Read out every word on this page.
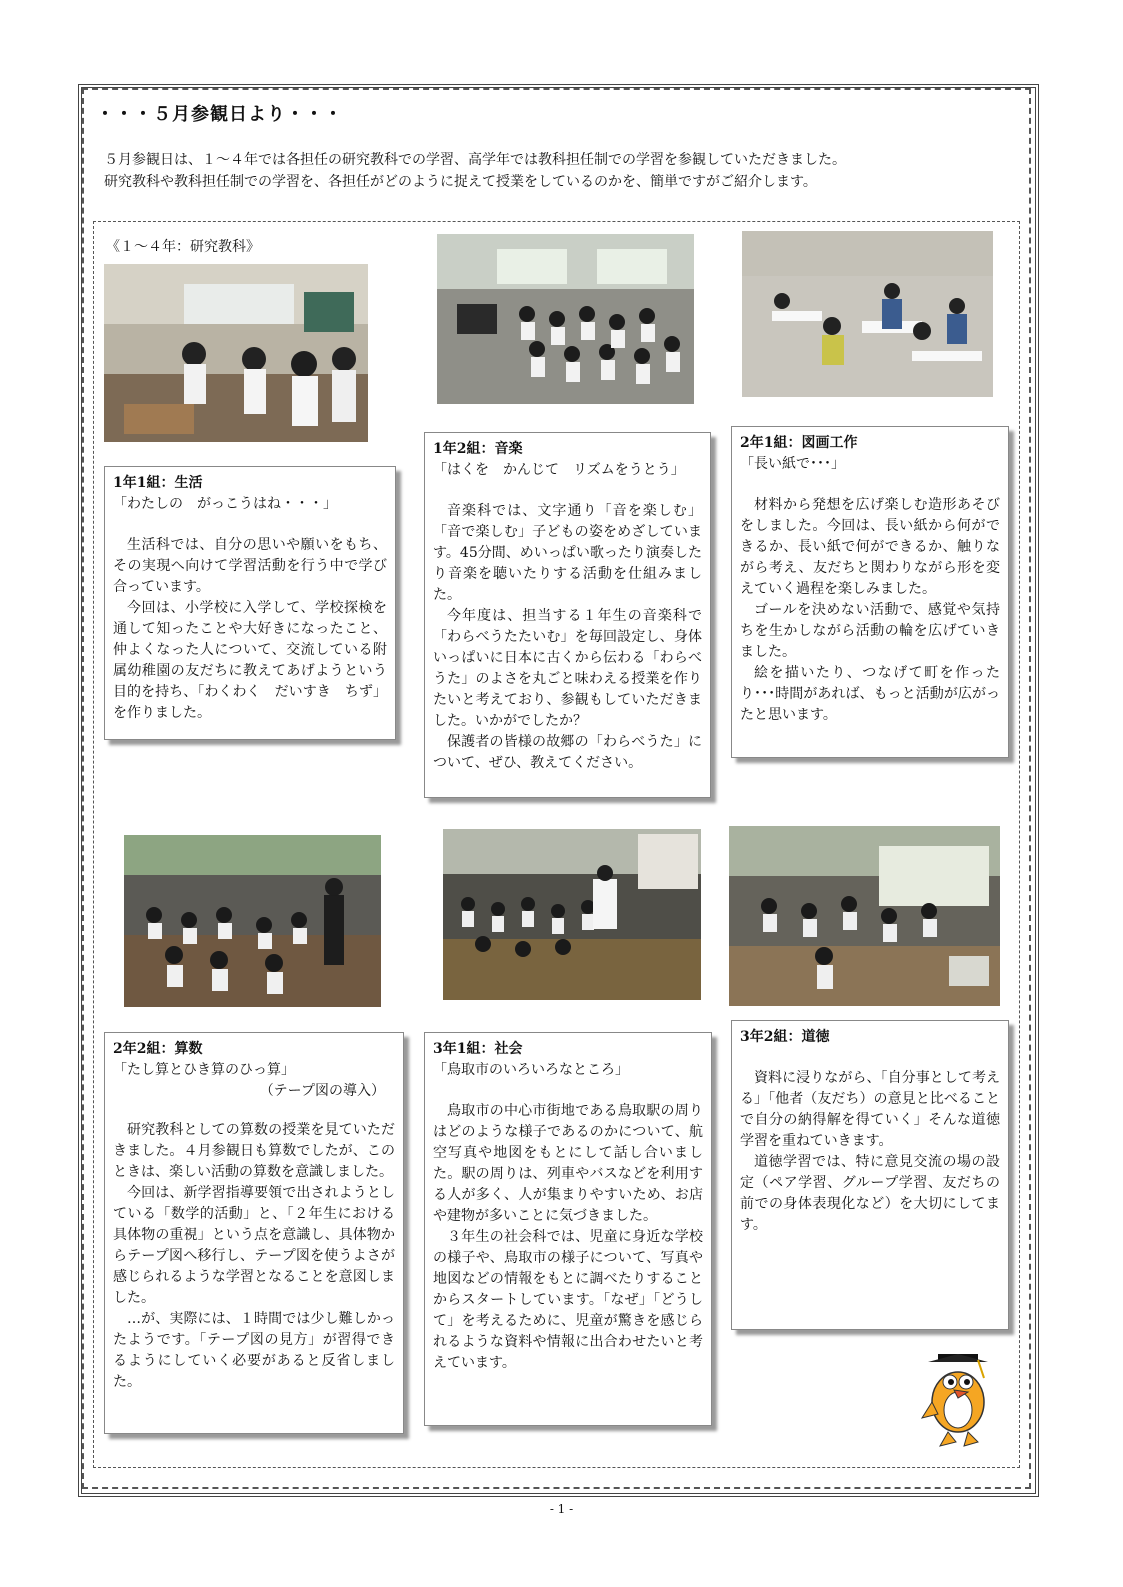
・・・５月参観日より・・・
５月参観日は、１～４年では各担任の研究教科での学習、高学年では教科担任制での学習を参観していただきました。
研究教科や教科担任制での学習を、各担任がどのように捉えて授業をしているのかを、簡単ですがご紹介します。
《１～４年：研究教科》
1年1組：生活
「わたしの　がっこうはね・・・」

生活科では、自分の思いや願いをもち、その実現へ向けて学習活動を行う中で学び合っています。

今回は、小学校に入学して、学校探検を通して知ったことや大好きになったこと、仲よくなった人について、交流している附属幼稚園の友だちに教えてあげようという目的を持ち、「わくわく　だいすき　ちず」を作りました。

1年2組：音楽
「はくを　かんじて　リズムをうとう」

音楽科では、文字通り「音を楽しむ」「音で楽しむ」子どもの姿をめざしています。45分間、めいっぱい歌ったり演奏したり音楽を聴いたりする活動を仕組みました。

今年度は、担当する１年生の音楽科で「わらべうたたいむ」を毎回設定し、身体いっぱいに日本に古くから伝わる「わらべうた」のよさを丸ごと味わえる授業を作りたいと考えており、参観もしていただきました。いかがでしたか？

保護者の皆様の故郷の「わらべうた」について、ぜひ、教えてください。

2年1組：図画工作
「長い紙で･･･」

材料から発想を広げ楽しむ造形あそびをしました。今回は、長い紙から何ができるか、長い紙で何ができるか、触りながら考え、友だちと関わりながら形を変えていく過程を楽しみました。

ゴールを決めない活動で、感覚や気持ちを生かしながら活動の輪を広げていきました。

絵を描いたり、つなげて町を作ったり･･･時間があれば、もっと活動が広がったと思います。

2年2組：算数
「たし算とひき算のひっ算」
（テープ図の導入）

研究教科としての算数の授業を見ていただきました。４月参観日も算数でしたが、このときは、楽しい活動の算数を意識しました。

今回は、新学習指導要領で出されようとしている「数学的活動」と、「２年生における具体物の重視」という点を意識し、具体物からテープ図へ移行し、テープ図を使うよさが感じられるような学習となることを意図しました。

…が、実際には、１時間では少し難しかったようです。「テープ図の見方」が習得できるようにしていく必要があると反省しました。

3年1組：社会
「鳥取市のいろいろなところ」

鳥取市の中心市街地である鳥取駅の周りはどのような様子であるのかについて、航空写真や地図をもとにして話し合いました。駅の周りは、列車やバスなどを利用する人が多く、人が集まりやすいため、お店や建物が多いことに気づきました。

３年生の社会科では、児童に身近な学校の様子や、鳥取市の様子について、写真や地図などの情報をもとに調べたりすることからスタートしています。「なぜ」「どうして」を考えるために、児童が驚きを感じられるような資料や情報に出合わせたいと考えています。

3年2組：道徳

資料に浸りながら、「自分事として考える」「他者（友だち）の意見と比べることで自分の納得解を得ていく」そんな道徳学習を重ねていきます。

道徳学習では、特に意見交流の場の設定（ペア学習、グループ学習、友だちの前での身体表現化など）を大切にしてます。

- 1 -
